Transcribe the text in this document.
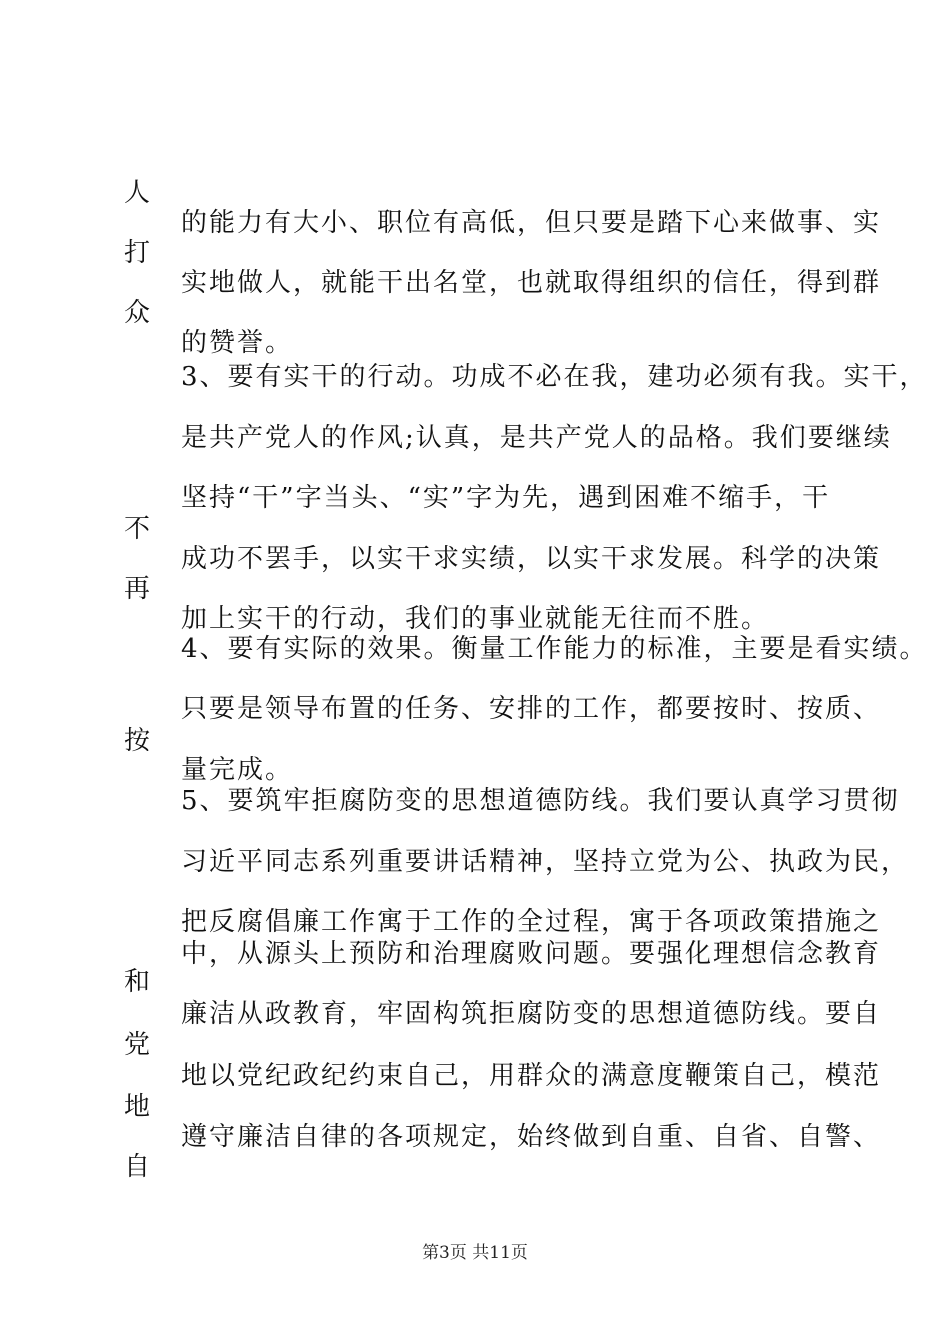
人
打
众
不
再
按
和
党
地
自
的能力有大小、职位有高低，但只要是踏下心来做事、实
实地做人，就能干出名堂，也就取得组织的信任，得到群
的赞誉。
3、要有实干的行动。功成不必在我，建功必须有我。实干，
是共产党人的作风;认真，是共产党人的品格。我们要继续
坚持“干”字当头、“实”字为先，遇到困难不缩手，干
成功不罢手，以实干求实绩，以实干求发展。科学的决策
加上实干的行动，我们的事业就能无往而不胜。
4、要有实际的效果。衡量工作能力的标准，主要是看实绩。
只要是领导布置的任务、安排的工作，都要按时、按质、
量完成。
5、要筑牢拒腐防变的思想道德防线。我们要认真学习贯彻
习近平同志系列重要讲话精神，坚持立党为公、执政为民，
把反腐倡廉工作寓于工作的全过程，寓于各项政策措施之
中，从源头上预防和治理腐败问题。要强化理想信念教育
廉洁从政教育，牢固构筑拒腐防变的思想道德防线。要自
地以党纪政纪约束自己，用群众的满意度鞭策自己，模范
遵守廉洁自律的各项规定，始终做到自重、自省、自警、
第3页 共11页
